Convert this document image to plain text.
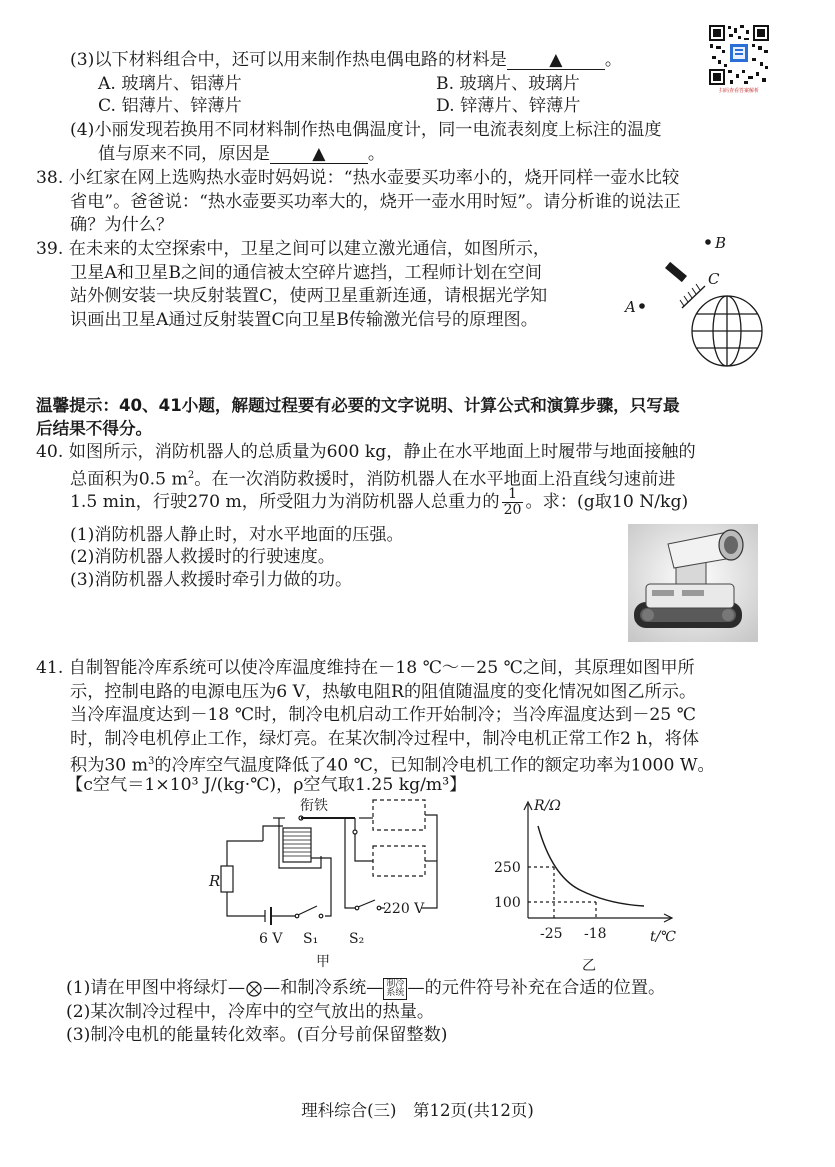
扫码查看答案解析
(3)以下材料组合中，还可以用来制作热电偶电路的材料是 ▲ 。
A. 玻璃片、铝薄片	B. 玻璃片、玻璃片
C. 铝薄片、锌薄片	D. 锌薄片、锌薄片
(4)小丽发现若换用不同材料制作热电偶温度计，同一电流表刻度上标注的温度
值与原来不同，原因是 ▲ 。
38. 小红家在网上选购热水壶时妈妈说：“热水壶要买功率小的，烧开同样一壶水比较
省电”。爸爸说：“热水壶要买功率大的，烧开一壶水用时短”。请分析谁的说法正
确？为什么？
39. 在未来的太空探索中，卫星之间可以建立激光通信，如图所示，
卫星A和卫星B之间的通信被太空碎片遮挡，工程师计划在空间
站外侧安装一块反射装置C，使两卫星重新连通，请根据光学知
识画出卫星A通过反射装置C向卫星B传输激光信号的原理图。
B
A
C
温馨提示：40、41小题，解题过程要有必要的文字说明、计算公式和演算步骤，只写最
后结果不得分。
40. 如图所示，消防机器人的总质量为600 kg，静止在水平地面上时履带与地面接触的
总面积为0.5 $m^2$。在一次消防救援时，消防机器人在水平地面上沿直线匀速前进
1.5 min，行驶270 m，所受阻力为消防机器人总重力的 $\frac{1}{20}$ 。求：(g取10 N/kg)
(1)消防机器人静止时，对水平地面的压强。
(2)消防机器人救援时的行驶速度。
(3)消防机器人救援时牵引力做的功。
41. 自制智能冷库系统可以使冷库温度维持在－18 ℃～－25 ℃之间，其原理如图甲所
示，控制电路的电源电压为6 V，热敏电阻R的阻值随温度的变化情况如图乙所示。
当冷库温度达到－18 ℃时，制冷电机启动工作开始制冷；当冷库温度达到－25 ℃
时，制冷电机停止工作，绿灯亮。在某次制冷过程中，制冷电机正常工作2 h，将体
积为30 $m^3$的冷库空气温度降低了40 ℃，已知制冷电机工作的额定功率为1000 W。
【c空气＝1×10³ J/(kg·℃)，ρ空气取1.25 kg/m³】
衔铁
R
6 V S₁ S₂
220 V
甲
R/Ω
250
100
-25 -18	t/℃
乙
(1)请在甲图中将绿灯— —和制冷系统— 制冷系统 —的元件符号补充在合适的位置。
(2)某次制冷过程中，冷库中的空气放出的热量。
(3)制冷电机的能量转化效率。(百分号前保留整数)
理科综合(三)　第12页(共12页)
